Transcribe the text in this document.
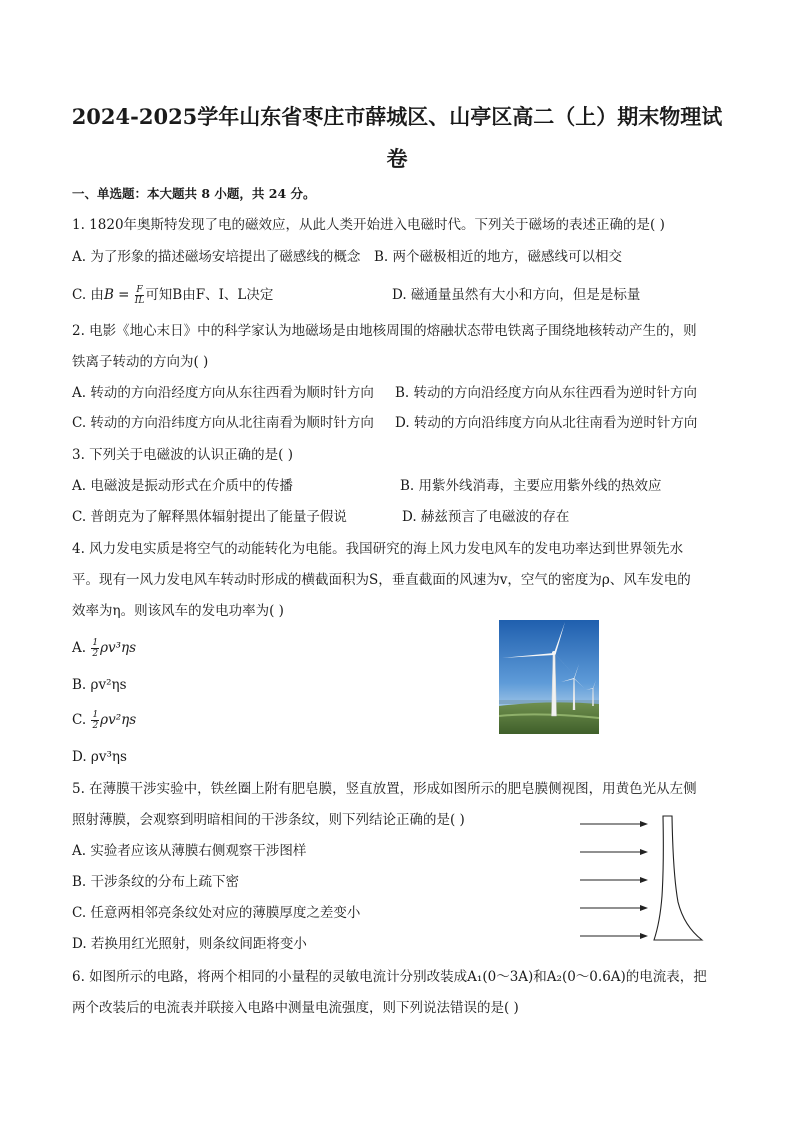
2024-2025学年山东省枣庄市薛城区、山亭区高二（上）期末物理试
卷
一、单选题：本大题共 8 小题，共 24 分。
1. 1820年奥斯特发现了电的磁效应，从此人类开始进入电磁时代。下列关于磁场的表述正确的是( )
A. 为了形象的描述磁场安培提出了磁感线的概念 B. 两个磁极相近的地方，磁感线可以相交
C. 由$B = \frac{F}{IL}$ 可知B由F、I、L决定	D. 磁通量虽然有大小和方向，但是是标量
2. 电影《地心末日》中的科学家认为地磁场是由地核周围的熔融状态带电铁离子围绕地核转动产生的，则
铁离子转动的方向为( )
A. 转动的方向沿经度方向从东往西看为顺时针方向 B. 转动的方向沿经度方向从东往西看为逆时针方向
C. 转动的方向沿纬度方向从北往南看为顺时针方向 D. 转动的方向沿纬度方向从北往南看为逆时针方向
3. 下列关于电磁波的认识正确的是( )
A. 电磁波是振动形式在介质中的传播	B. 用紫外线消毒，主要应用紫外线的热效应
C. 普朗克为了解释黑体辐射提出了能量子假说	D. 赫兹预言了电磁波的存在
4. 风力发电实质是将空气的动能转化为电能。我国研究的海上风力发电风车的发电功率达到世界领先水
平。现有一风力发电风车转动时形成的横截面积为S，垂直截面的风速为v，空气的密度为ρ、风车发电的
效率为η。则该风车的发电功率为( )
A. $\frac{1}{2} \rho v^3\eta s$
B. ρv²ηs
C. $\frac{1}{2} \rho v^2\eta s$
D. ρv³ηs
5. 在薄膜干涉实验中，铁丝圈上附有肥皂膜，竖直放置，形成如图所示的肥皂膜侧视图，用黄色光从左侧
照射薄膜，会观察到明暗相间的干涉条纹，则下列结论正确的是( )
A. 实验者应该从薄膜右侧观察干涉图样
B. 干涉条纹的分布上疏下密
C. 任意两相邻亮条纹处对应的薄膜厚度之差变小
D. 若换用红光照射，则条纹间距将变小
6. 如图所示的电路，将两个相同的小量程的灵敏电流计分别改装成A₁(0～3A)和A₂(0～0.6A)的电流表，把
两个改装后的电流表并联接入电路中测量电流强度，则下列说法错误的是( )
